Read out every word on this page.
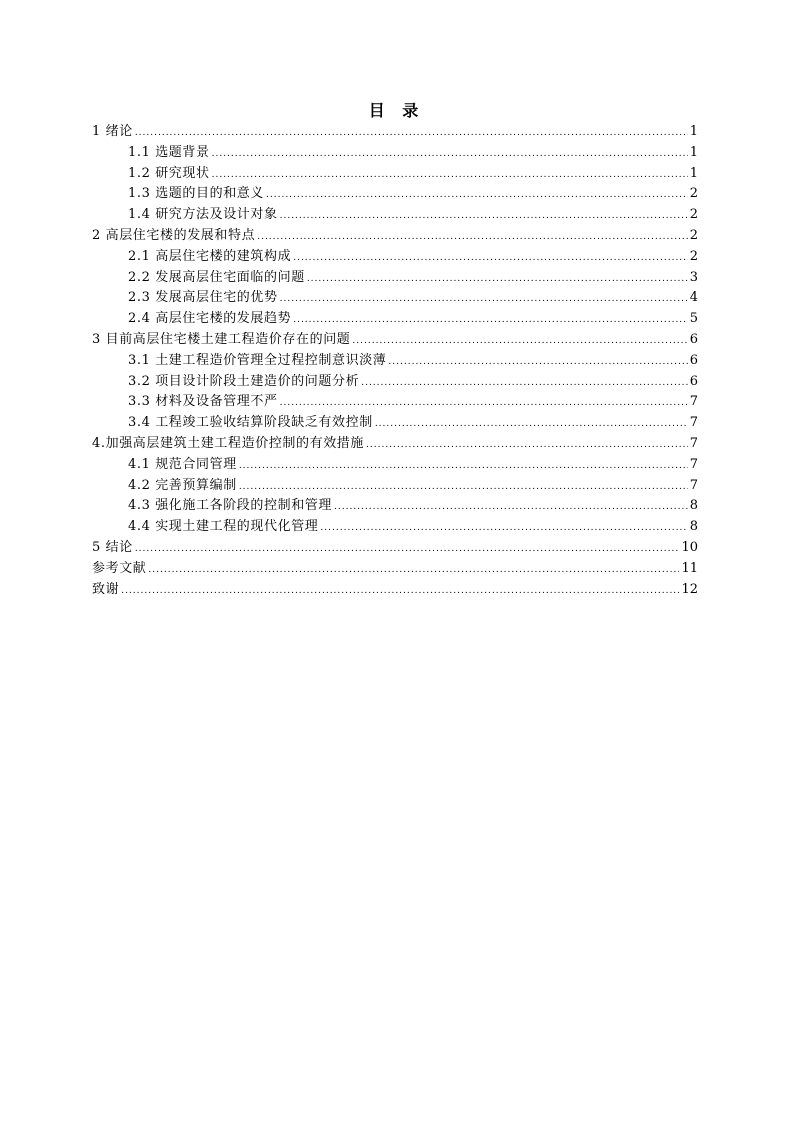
目 录
1 绪论 .....	1
1.1 选题背景 .....	1
1.2 研究现状 .....	1
1.3 选题的目的和意义 .....	2
1.4 研究方法及设计对象 .....	2
2 高层住宅楼的发展和特点 .....	2
2.1 高层住宅楼的建筑构成 .....	2
2.2 发展高层住宅面临的问题 .....	3
2.3 发展高层住宅的优势 .....	4
2.4 高层住宅楼的发展趋势 .....	5
3 目前高层住宅楼土建工程造价存在的问题 .....	6
3.1 土建工程造价管理全过程控制意识淡薄 .....	6
3.2 项目设计阶段土建造价的问题分析 .....	6
3.3 材料及设备管理不严 .....	7
3.4 工程竣工验收结算阶段缺乏有效控制 .....	7
4.加强高层建筑土建工程造价控制的有效措施 .....	7
4.1 规范合同管理 .....	7
4.2 完善预算编制 .....	7
4.3 强化施工各阶段的控制和管理 .....	8
4.4 实现土建工程的现代化管理 .....	8
5 结论 .....	10
参考文献 .....	11
致谢 .....	12
